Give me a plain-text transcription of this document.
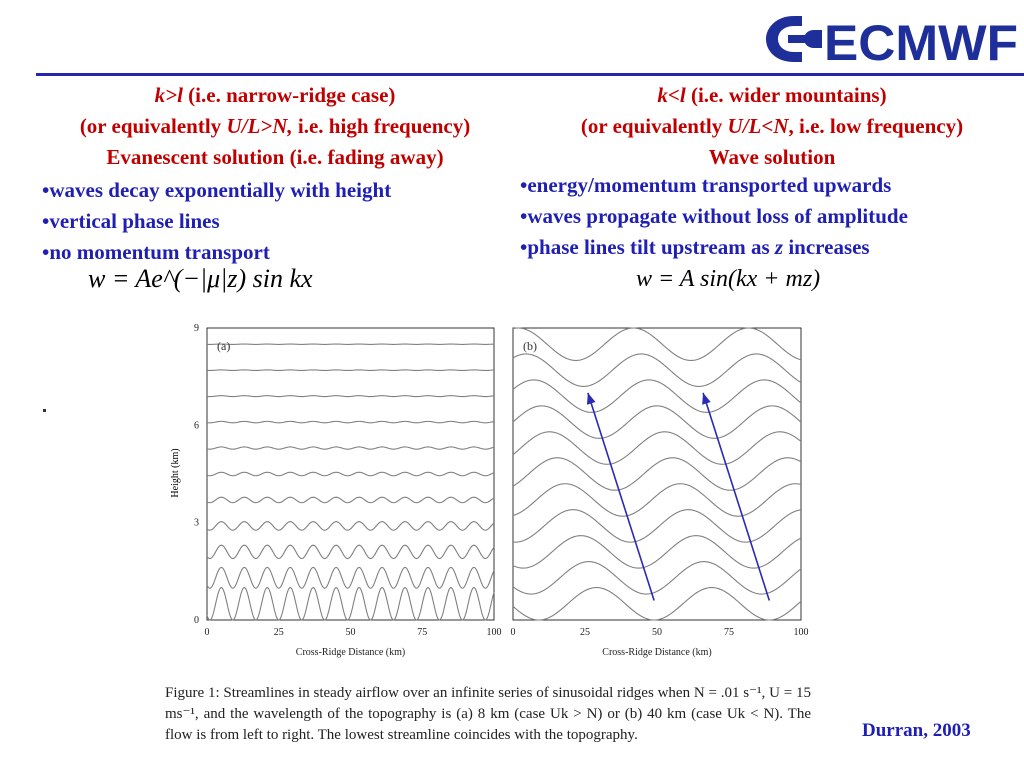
ECMWF
k>l (i.e. narrow-ridge case)
(or equivalently U/L>N, i.e. high frequency)
Evanescent solution (i.e. fading away)
•waves decay exponentially with height
•vertical phase lines
•no momentum transport
w = Ae^(−|μ|z) sin kx
k<l (i.e. wider mountains)
(or equivalently U/L<N, i.e. low frequency)
Wave solution
•energy/momentum transported upwards
•waves propagate without loss of amplitude
•phase lines tilt upstream as z increases
w = A sin(kx + mz)
(a)
0	25	50	75	100
Cross-Ridge Distance (km)
0
3
6
9
(b)
0	25	50	75	100
Cross-Ridge Distance (km)
Height (km)
Figure 1: Streamlines in steady airflow over an infinite series of sinusoidal ridges when N = .01 s⁻¹, U = 15 ms⁻¹, and the wavelength of the topography is (a) 8 km (case Uk > N) or (b) 40 km (case Uk < N). The flow is from left to right. The lowest streamline coincides with the topography.	Durran, 2003
